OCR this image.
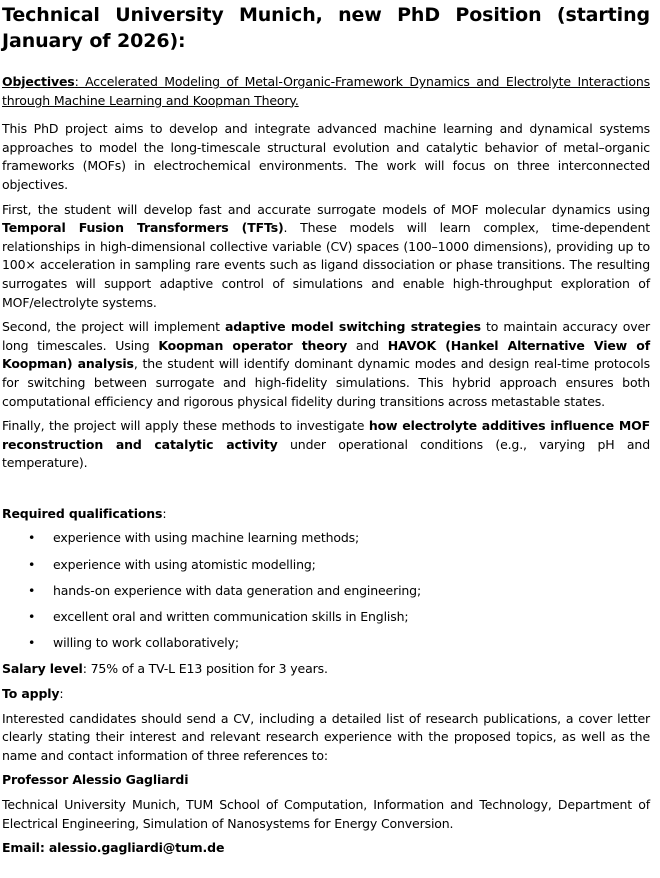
Technical University Munich, new PhD Position (starting January of 2026):

Objectives: Accelerated Modeling of Metal-Organic-Framework Dynamics and Electrolyte Interactions through Machine Learning and Koopman Theory.

This PhD project aims to develop and integrate advanced machine learning and dynamical systems approaches to model the long-timescale structural evolution and catalytic behavior of metal–organic frameworks (MOFs) in electrochemical environments. The work will focus on three interconnected objectives.

First, the student will develop fast and accurate surrogate models of MOF molecular dynamics using Temporal Fusion Transformers (TFTs). These models will learn complex, time-dependent relationships in high-dimensional collective variable (CV) spaces (100–1000 dimensions), providing up to 100× acceleration in sampling rare events such as ligand dissociation or phase transitions. The resulting surrogates will support adaptive control of simulations and enable high-throughput exploration of MOF/electrolyte systems.

Second, the project will implement adaptive model switching strategies to maintain accuracy over long timescales. Using Koopman operator theory and HAVOK (Hankel Alternative View of Koopman) analysis, the student will identify dominant dynamic modes and design real-time protocols for switching between surrogate and high-fidelity simulations. This hybrid approach ensures both computational efficiency and rigorous physical fidelity during transitions across metastable states.

Finally, the project will apply these methods to investigate how electrolyte additives influence MOF reconstruction and catalytic activity under operational conditions (e.g., varying pH and temperature).

Required qualifications:

• experience with using machine learning methods;
• experience with using atomistic modelling;
• hands-on experience with data generation and engineering;
• excellent oral and written communication skills in English;
• willing to work collaboratively;

Salary level: 75% of a TV-L E13 position for 3 years.

To apply:

Interested candidates should send a CV, including a detailed list of research publications, a cover letter clearly stating their interest and relevant research experience with the proposed topics, as well as the name and contact information of three references to:

Professor Alessio Gagliardi

Technical University Munich, TUM School of Computation, Information and Technology, Department of Electrical Engineering, Simulation of Nanosystems for Energy Conversion.

Email: alessio.gagliardi@tum.de
